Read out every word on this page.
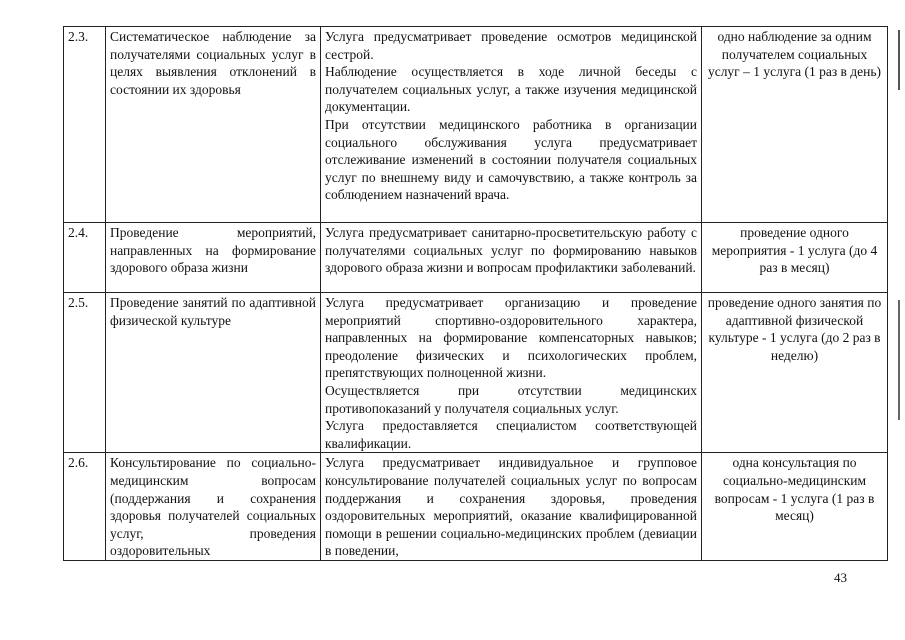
2.3.	Систематическое наблюдение за получателями социальных услуг в целях выявления отклонений в состоянии их здоровья	Услуга предусматривает проведение осмотров медицинской сестрой.

Наблюдение осуществляется в ходе личной беседы с получателем социальных услуг, а также изучения медицинской документации.

При отсутствии медицинского работника в организации социального обслуживания услуга предусматривает отслеживание изменений в состоянии получателя социальных услуг по внешнему виду и самочувствию, а также контроль за соблюдением назначений врача.	одно наблюдение за одним получателем социальных услуг – 1 услуга (1 раз в день)
2.4.	Проведение мероприятий, направленных на формирование здорового образа жизни	Услуга предусматривает санитарно-просветительскую работу с получателями социальных услуг по формированию навыков здорового образа жизни и вопросам профилактики заболеваний.	проведение одного мероприятия - 1 услуга (до 4 раз в месяц)
2.5.	Проведение занятий по адаптивной физической культуре	Услуга предусматривает организацию и проведение мероприятий спортивно-оздоровительного характера, направленных на формирование компенсаторных навыков; преодоление физических и психологических проблем, препятствующих полноценной жизни.

Осуществляется при отсутствии медицинских противопоказаний у получателя социальных услуг.

Услуга предоставляется специалистом соответствующей квалификации.	проведение одного занятия по адаптивной физической культуре - 1 услуга (до 2 раз в неделю)
2.6.	Консультирование по социально-медицинским вопросам (поддержания и сохранения здоровья получателей социальных услуг, проведения оздоровительных	Услуга предусматривает индивидуальное и групповое консультирование получателей социальных услуг по вопросам поддержания и сохранения здоровья, проведения оздоровительных мероприятий, оказание квалифицированной помощи в решении социально-медицинских проблем (девиации в поведении,	одна консультация по социально-медицинским вопросам - 1 услуга (1 раз в месяц)
43
